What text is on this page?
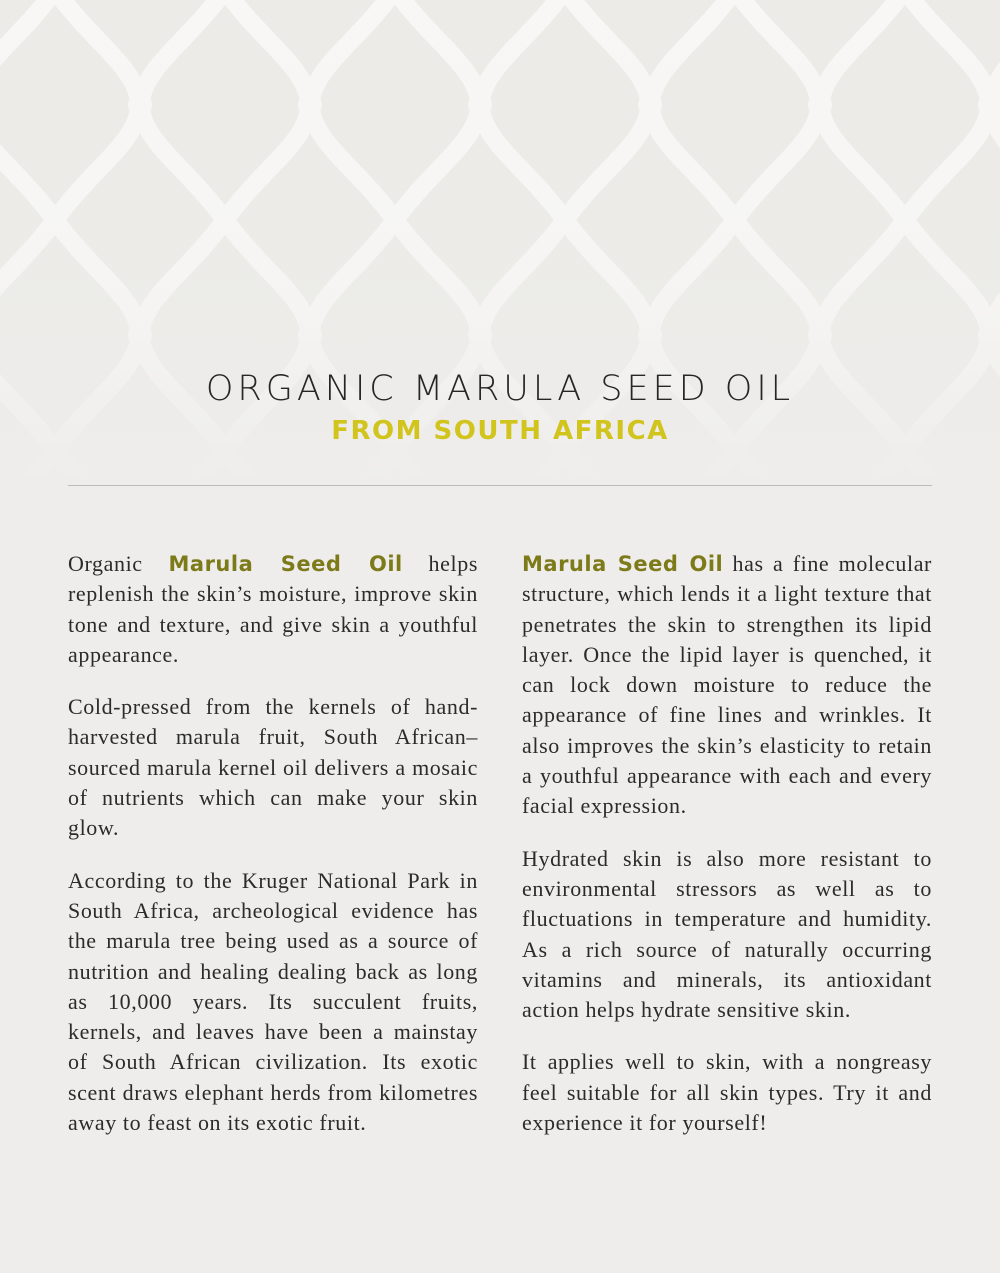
ORGANIC MARULA SEED OIL
FROM SOUTH AFRICA

Organic Marula Seed Oil helps replenish the skin’s moisture, improve skin tone and texture, and give skin a youthful appearance.

Cold-pressed from the kernels of hand-harvested marula fruit, South African–sourced marula kernel oil delivers a mosaic of nutrients which can make your skin glow.

According to the Kruger National Park in South Africa, archeological evidence has the marula tree being used as a source of nutrition and healing dealing back as long as 10,000 years. Its succulent fruits, kernels, and leaves have been a mainstay of South African civilization. Its exotic scent draws elephant herds from kilometres away to feast on its exotic fruit.

Marula Seed Oil has a fine molecular structure, which lends it a light texture that penetrates the skin to strengthen its lipid layer. Once the lipid layer is quenched, it can lock down moisture to reduce the appearance of fine lines and wrinkles. It also improves the skin’s elasticity to retain a youthful appearance with each and every facial expression.

Hydrated skin is also more resistant to environmental stressors as well as to fluctuations in temperature and humidity. As a rich source of naturally occurring vitamins and minerals, its antioxidant action helps hydrate sensitive skin.

It applies well to skin, with a nongreasy feel suitable for all skin types. Try it and experience it for yourself!
